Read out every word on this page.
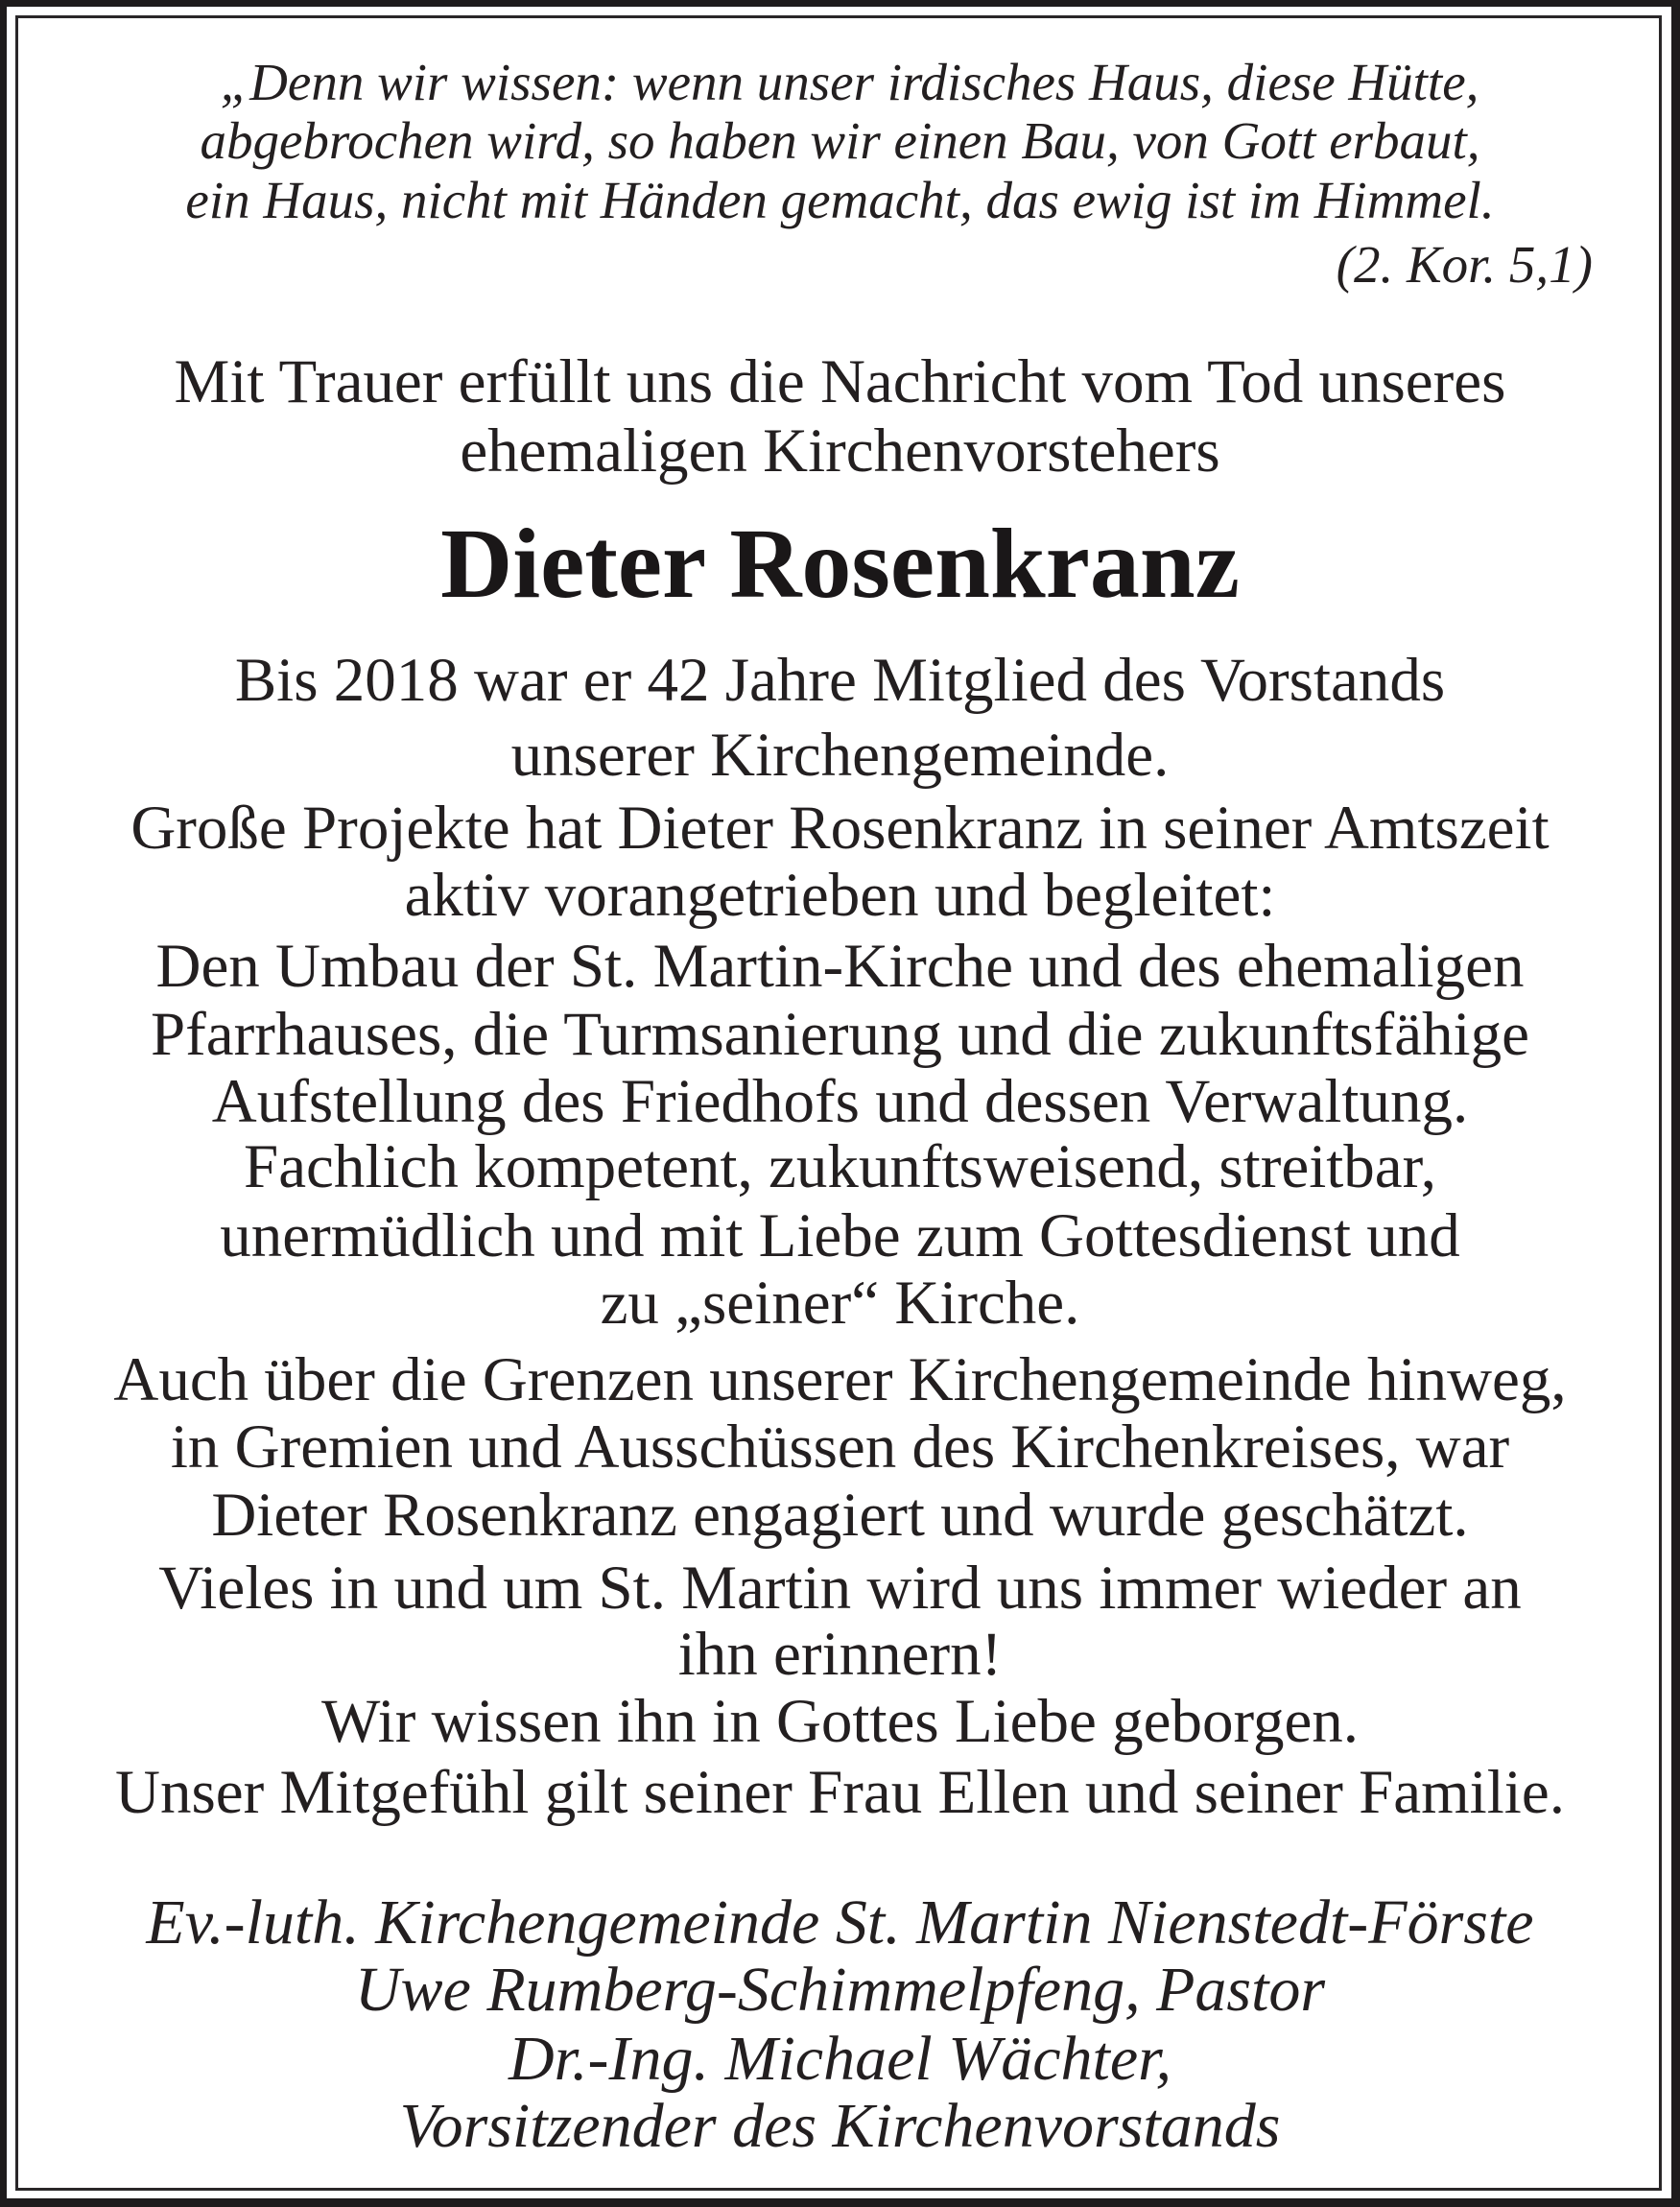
„Denn wir wissen: wenn unser irdisches Haus, diese Hütte,
abgebrochen wird, so haben wir einen Bau, von Gott erbaut,
ein Haus, nicht mit Händen gemacht, das ewig ist im Himmel.
(2. Kor. 5,1)
Mit Trauer erfüllt uns die Nachricht vom Tod unseres
ehemaligen Kirchenvorstehers
Dieter Rosenkranz
Bis 2018 war er 42 Jahre Mitglied des Vorstands
unserer Kirchengemeinde.
Große Projekte hat Dieter Rosenkranz in seiner Amtszeit
aktiv vorangetrieben und begleitet:
Den Umbau der St. Martin-Kirche und des ehemaligen
Pfarrhauses, die Turmsanierung und die zukunftsfähige
Aufstellung des Friedhofs und dessen Verwaltung.
Fachlich kompetent, zukunftsweisend, streitbar,
unermüdlich und mit Liebe zum Gottesdienst und
zu „seiner“ Kirche.
Auch über die Grenzen unserer Kirchengemeinde hinweg,
in Gremien und Ausschüssen des Kirchenkreises, war
Dieter Rosenkranz engagiert und wurde geschätzt.
Vieles in und um St. Martin wird uns immer wieder an
ihn erinnern!
Wir wissen ihn in Gottes Liebe geborgen.
Unser Mitgefühl gilt seiner Frau Ellen und seiner Familie.
Ev.-luth. Kirchengemeinde St. Martin Nienstedt-Förste
Uwe Rumberg-Schimmelpfeng, Pastor
Dr.-Ing. Michael Wächter,
Vorsitzender des Kirchenvorstands
